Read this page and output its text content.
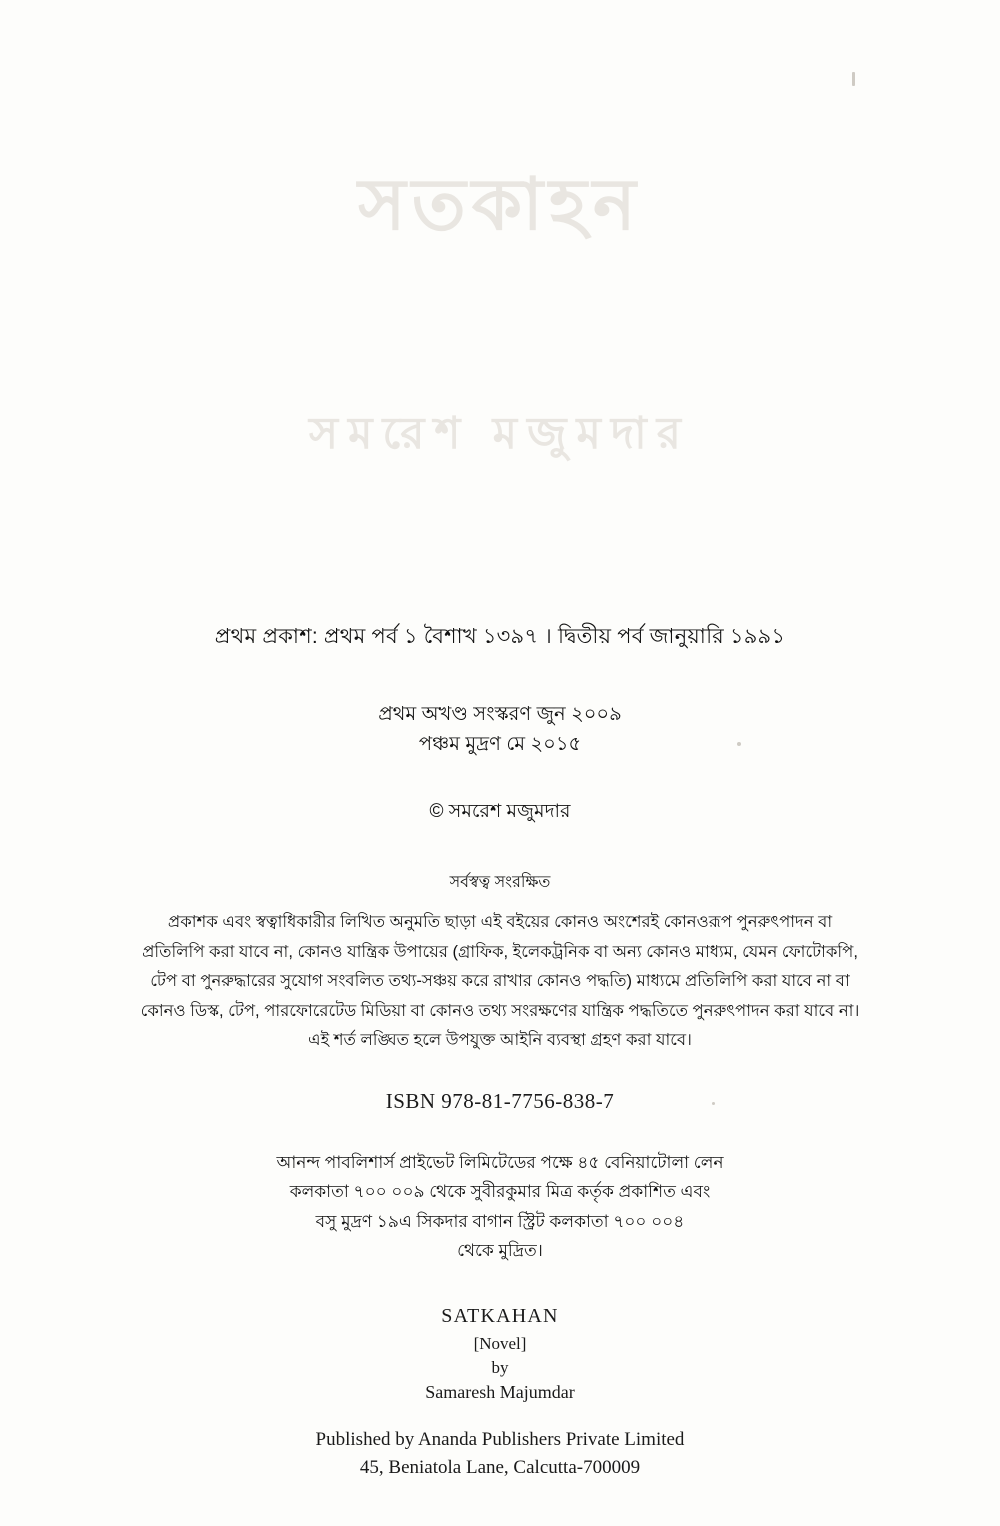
সতকাহন
সমরেশ মজুমদার
প্রথম প্রকাশ: প্রথম পর্ব ১ বৈশাখ ১৩৯৭ । দ্বিতীয় পর্ব জানুয়ারি ১৯৯১
প্রথম অখণ্ড সংস্করণ জুন ২০০৯
পঞ্চম মুদ্রণ মে ২০১৫
© সমরেশ মজুমদার
সর্বস্বত্ব সংরক্ষিত
প্রকাশক এবং স্বত্বাধিকারীর লিখিত অনুমতি ছাড়া এই বইয়ের কোনও অংশেরই কোনওরূপ পুনরুৎপাদন বা প্রতিলিপি করা যাবে না, কোনও যান্ত্রিক উপায়ের (গ্রাফিক, ইলেকট্রনিক বা অন্য কোনও মাধ্যম, যেমন ফোটোকপি, টেপ বা পুনরুদ্ধারের সুযোগ সংবলিত তথ্য-সঞ্চয় করে রাখার কোনও পদ্ধতি) মাধ্যমে প্রতিলিপি করা যাবে না বা কোনও ডিস্ক, টেপ, পারফোরেটেড মিডিয়া বা কোনও তথ্য সংরক্ষণের যান্ত্রিক পদ্ধতিতে পুনরুৎপাদন করা যাবে না। এই শর্ত লঙ্ঘিত হলে উপযুক্ত আইনি ব্যবস্থা গ্রহণ করা যাবে।
ISBN 978-81-7756-838-7
আনন্দ পাবলিশার্স প্রাইভেট লিমিটেডের পক্ষে ৪৫ বেনিয়াটোলা লেন
কলকাতা ৭০০ ০০৯ থেকে সুবীরকুমার মিত্র কর্তৃক প্রকাশিত এবং
বসু মুদ্রণ ১৯এ সিকদার বাগান স্ট্রিট কলকাতা ৭০০ ০০৪
থেকে মুদ্রিত।
SATKAHAN
[Novel]
by
Samaresh Majumdar
Published by Ananda Publishers Private Limited
45, Beniatola Lane, Calcutta-700009
